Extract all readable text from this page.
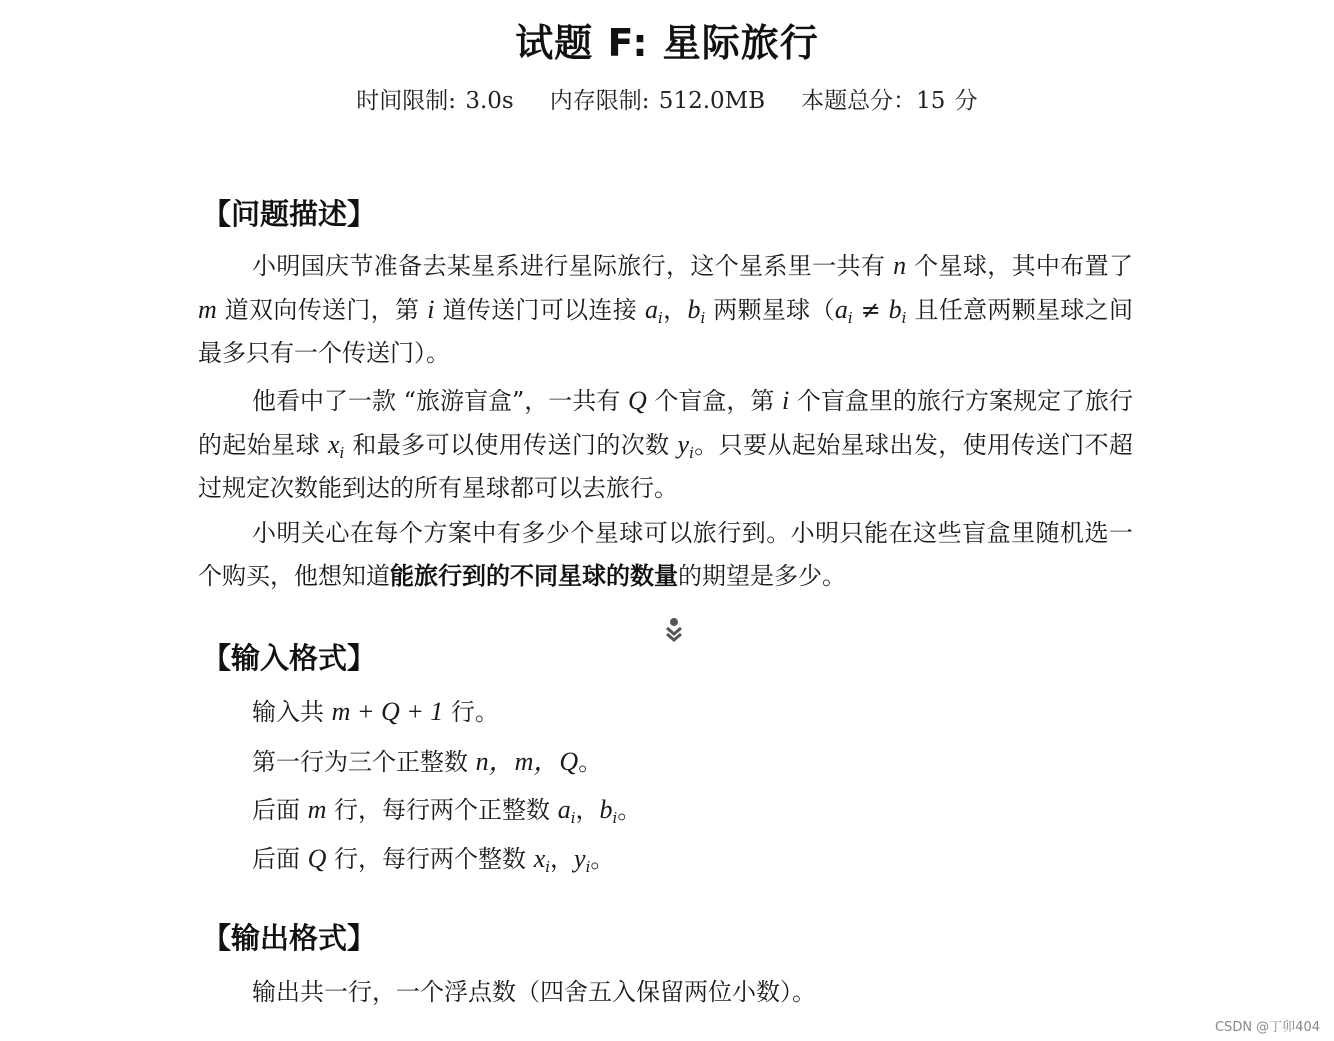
试题 F: 星际旅行
时间限制: 3.0s 内存限制: 512.0MB 本题总分：15 分
【问题描述】
小明国庆节准备去某星系进行星际旅行，这个星系里一共有 n 个星球，其中布置了 m 道双向传送门，第 i 道传送门可以连接 $a_i$，$b_i$ 两颗星球（$a_i \ne b_i$ 且任意两颗星球之间最多只有一个传送门）。
他看中了一款 “旅游盲盒”，一共有 Q 个盲盒，第 i 个盲盒里的旅行方案规定了旅行的起始星球 $x_i$ 和最多可以使用传送门的次数 $y_i$。只要从起始星球出发，使用传送门不超过规定次数能到达的所有星球都可以去旅行。
小明关心在每个方案中有多少个星球可以旅行到。小明只能在这些盲盒里随机选一个购买，他想知道能旅行到的不同星球的数量的期望是多少。
【输入格式】
输入共 m + Q + 1 行。
第一行为三个正整数 n，m，Q。
后面 m 行，每行两个正整数 $a_i$，$b_i$。
后面 Q 行，每行两个整数 $x_i$，$y_i$。
【输出格式】
输出共一行，一个浮点数（四舍五入保留两位小数）。
CSDN @丁卯404
